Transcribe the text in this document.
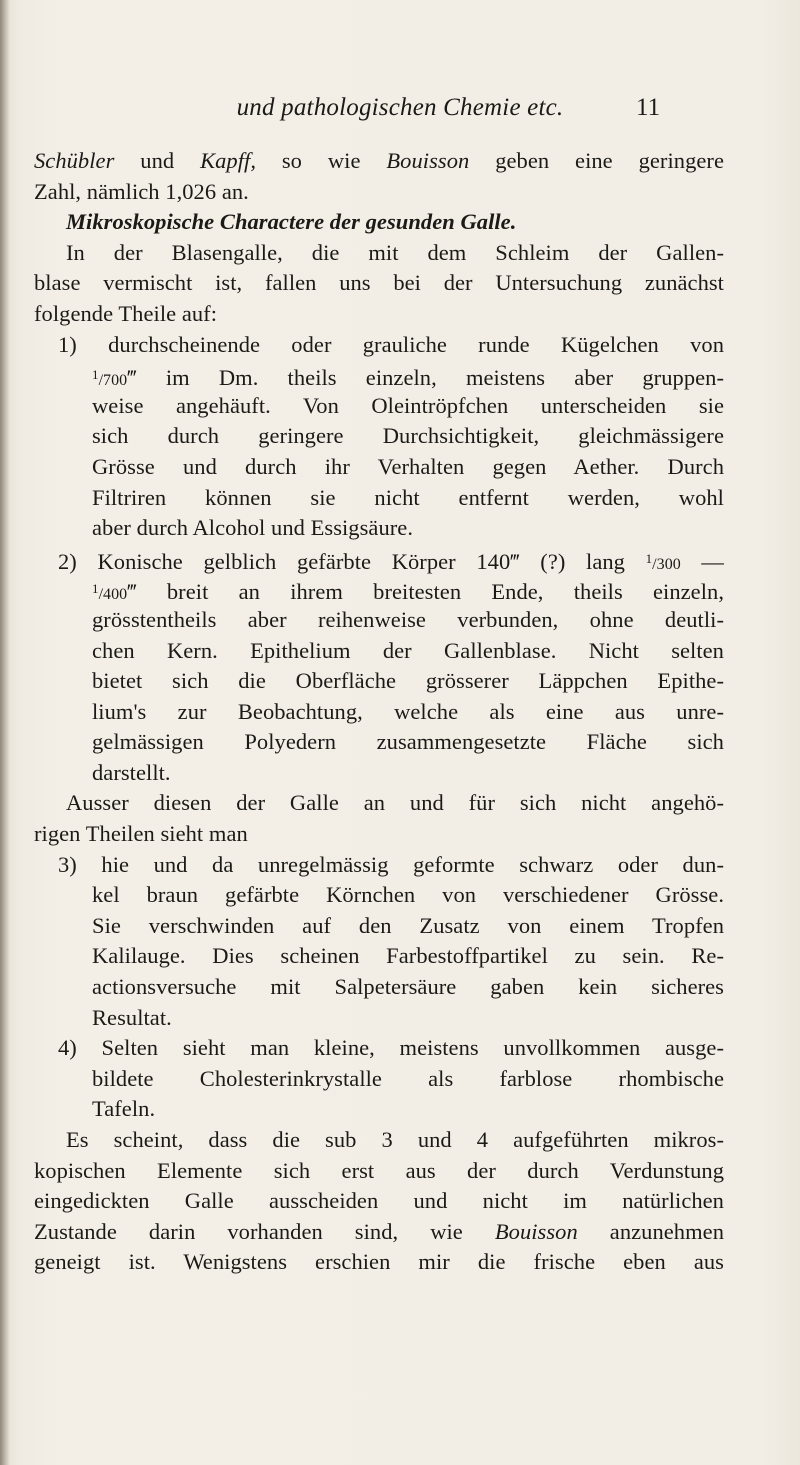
und pathologischen Chemie etc.	11
Schübler und Kapff, so wie Bouisson geben eine geringere
Zahl, nämlich 1,026 an.
Mikroskopische Charactere der gesunden Galle.
In der Blasengalle, die mit dem Schleim der Gallen-
blase vermischt ist, fallen uns bei der Untersuchung zunächst
folgende Theile auf:
1) durchscheinende oder grauliche runde Kügelchen von
$^1$/700‴ im Dm. theils einzeln, meistens aber gruppen-
weise angehäuft. Von Oleintröpfchen unterscheiden sie
sich durch geringere Durchsichtigkeit, gleichmässigere
Grösse und durch ihr Verhalten gegen Aether. Durch
Filtriren können sie nicht entfernt werden, wohl
aber durch Alcohol und Essigsäure.
2) Konische gelblich gefärbte Körper 140‴ (?) lang $^1$/300 —
$^1$/400‴ breit an ihrem breitesten Ende, theils einzeln,
grösstentheils aber reihenweise verbunden, ohne deutli-
chen Kern. Epithelium der Gallenblase. Nicht selten
bietet sich die Oberfläche grösserer Läppchen Epithe-
lium's zur Beobachtung, welche als eine aus unre-
gelmässigen Polyedern zusammengesetzte Fläche sich
darstellt.
Ausser diesen der Galle an und für sich nicht angehö-
rigen Theilen sieht man
3) hie und da unregelmässig geformte schwarz oder dun-
kel braun gefärbte Körnchen von verschiedener Grösse.
Sie verschwinden auf den Zusatz von einem Tropfen
Kalilauge. Dies scheinen Farbestoffpartikel zu sein. Re-
actionsversuche mit Salpetersäure gaben kein sicheres
Resultat.
4) Selten sieht man kleine, meistens unvollkommen ausge-
bildete Cholesterinkrystalle als farblose rhombische
Tafeln.
Es scheint, dass die sub 3 und 4 aufgeführten mikros-
kopischen Elemente sich erst aus der durch Verdunstung
eingedickten Galle ausscheiden und nicht im natürlichen
Zustande darin vorhanden sind, wie Bouisson anzunehmen
geneigt ist. Wenigstens erschien mir die frische eben aus
